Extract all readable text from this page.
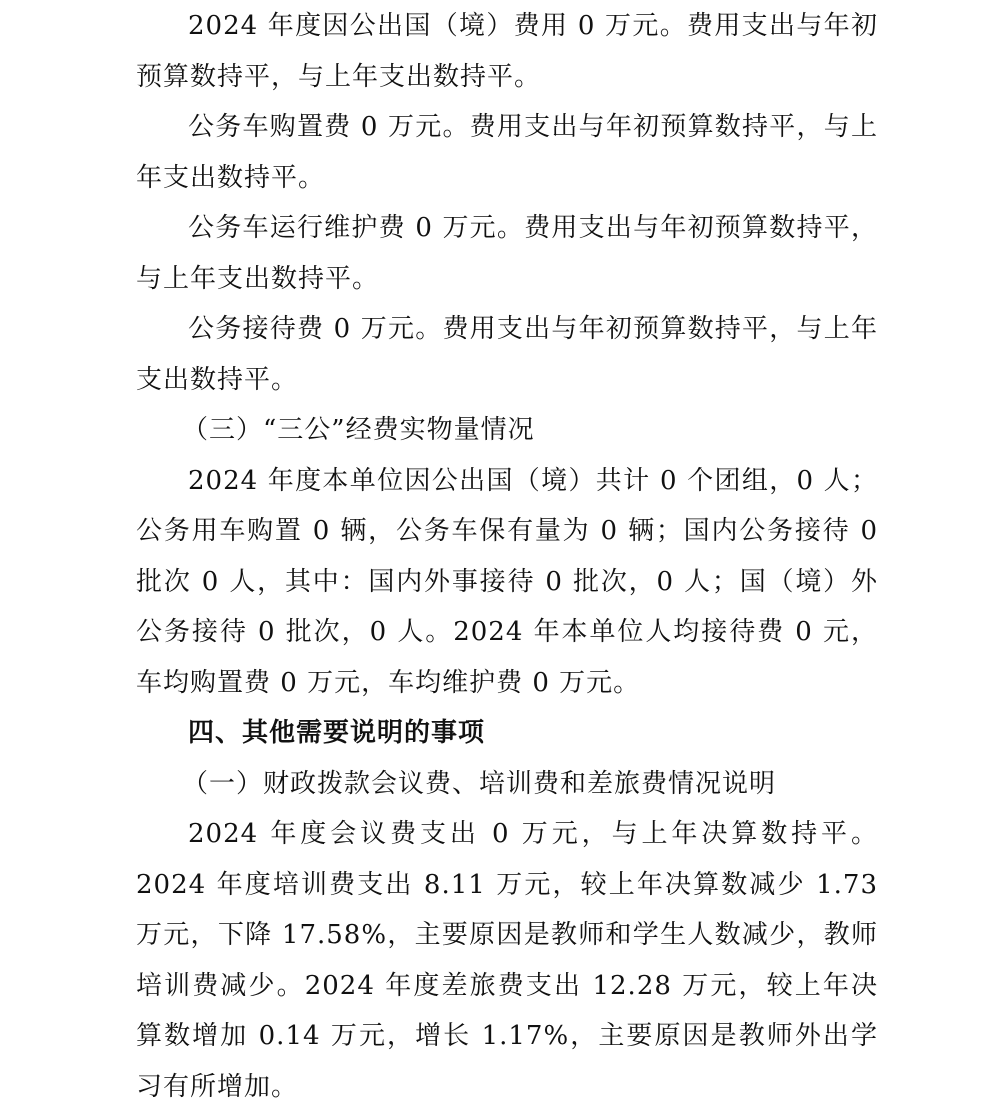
2024 年度因公出国（境）费用 0 万元。费用支出与年初预算数持平，与上年支出数持平。

公务车购置费 0 万元。费用支出与年初预算数持平，与上年支出数持平。

公务车运行维护费 0 万元。费用支出与年初预算数持平，与上年支出数持平。

公务接待费 0 万元。费用支出与年初预算数持平，与上年支出数持平。

（三）“三公”经费实物量情况

2024 年度本单位因公出国（境）共计 0 个团组，0 人；公务用车购置 0 辆，公务车保有量为 0 辆；国内公务接待 0 批次 0 人，其中：国内外事接待 0 批次，0 人；国（境）外公务接待 0 批次，0 人。2024 年本单位人均接待费 0 元，车均购置费 0 万元，车均维护费 0 万元。

四、其他需要说明的事项

（一）财政拨款会议费、培训费和差旅费情况说明

2024 年度会议费支出 0 万元，与上年决算数持平。2024 年度培训费支出 8.11 万元，较上年决算数减少 1.73 万元，下降 17.58%，主要原因是教师和学生人数减少，教师培训费减少。2024 年度差旅费支出 12.28 万元，较上年决算数增加 0.14 万元，增长 1.17%，主要原因是教师外出学习有所增加。
